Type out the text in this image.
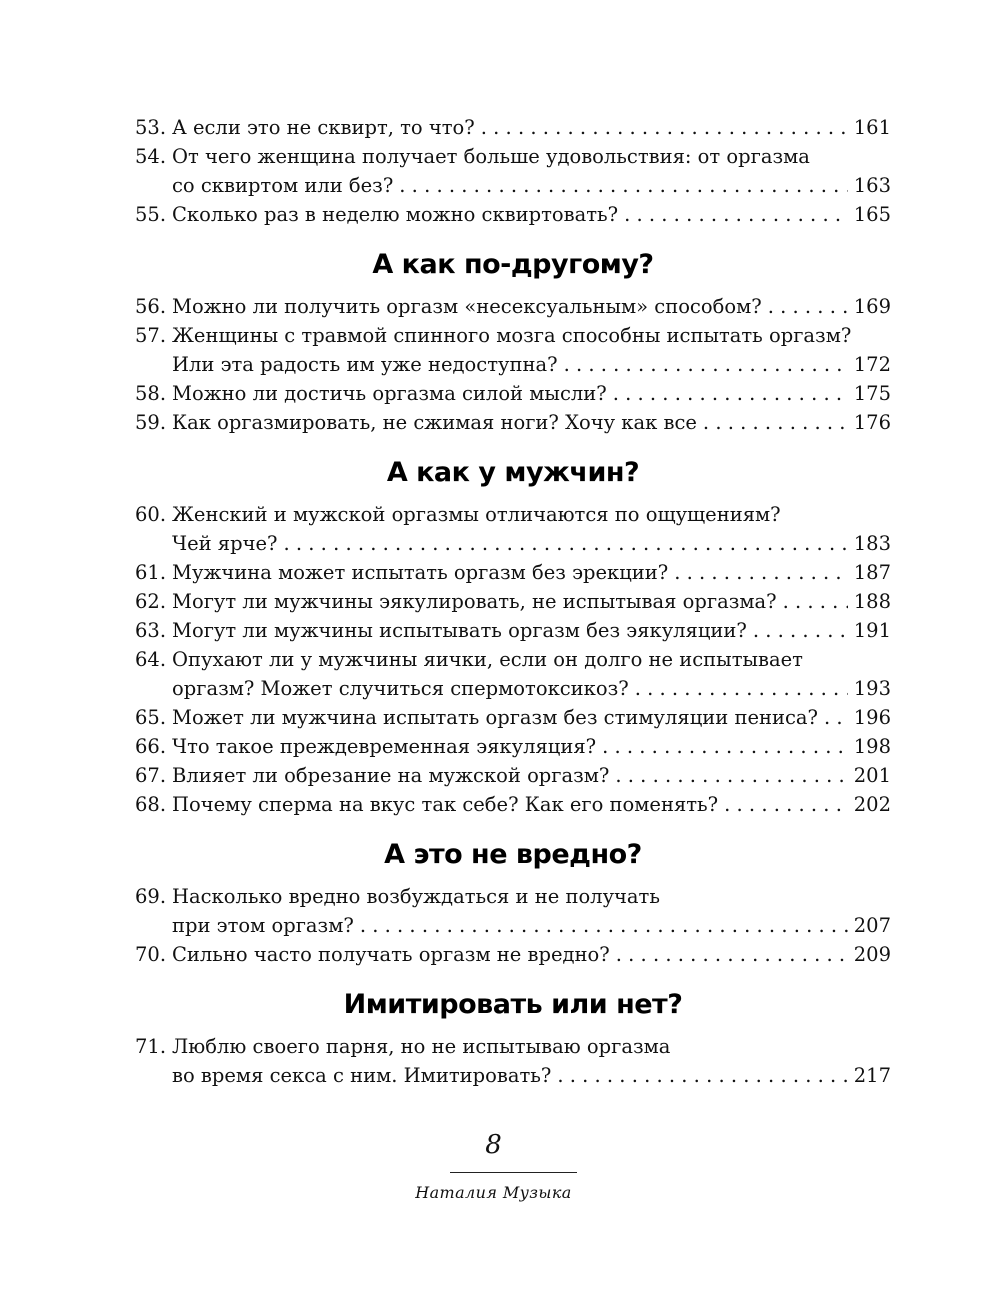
53. А если это не сквирт, то что? . . .	161
54. От чего женщина получает больше удовольствия: от оргазма
со сквиртом или без? . . .	163
55. Сколько раз в неделю можно сквиртовать? . . .	165
А как по-другому?
56. Можно ли получить оргазм «несексуальным» способом? . . .	169
57. Женщины с травмой спинного мозга способны испытать оргазм?
Или эта радость им уже недоступна? . . .	172
58. Можно ли достичь оргазма силой мысли? . . .	175
59. Как оргазмировать, не сжимая ноги? Хочу как все . . .	176
А как у мужчин?
60. Женский и мужской оргазмы отличаются по ощущениям?
Чей ярче? . . .	183
61. Мужчина может испытать оргазм без эрекции? . . .	187
62. Могут ли мужчины эякулировать, не испытывая оргазма? . . .	188
63. Могут ли мужчины испытывать оргазм без эякуляции? . . .	191
64. Опухают ли у мужчины яички, если он долго не испытывает
оргазм? Может случиться спермотоксикоз? . . .	193
65. Может ли мужчина испытать оргазм без стимуляции пениса? . . . 196
66. Что такое преждевременная эякуляция? . . .	198
67. Влияет ли обрезание на мужской оргазм? . . .	201
68. Почему сперма на вкус так себе? Как его поменять? . . .	202
А это не вредно?
69. Насколько вредно возбуждаться и не получать
при этом оргазм? . . .	207
70. Сильно часто получать оргазм не вредно? . . .	209
Имитировать или нет?
71. Люблю своего парня, но не испытываю оргазма
во время секса с ним. Имитировать? . . .	217
8
Наталия Музыка
